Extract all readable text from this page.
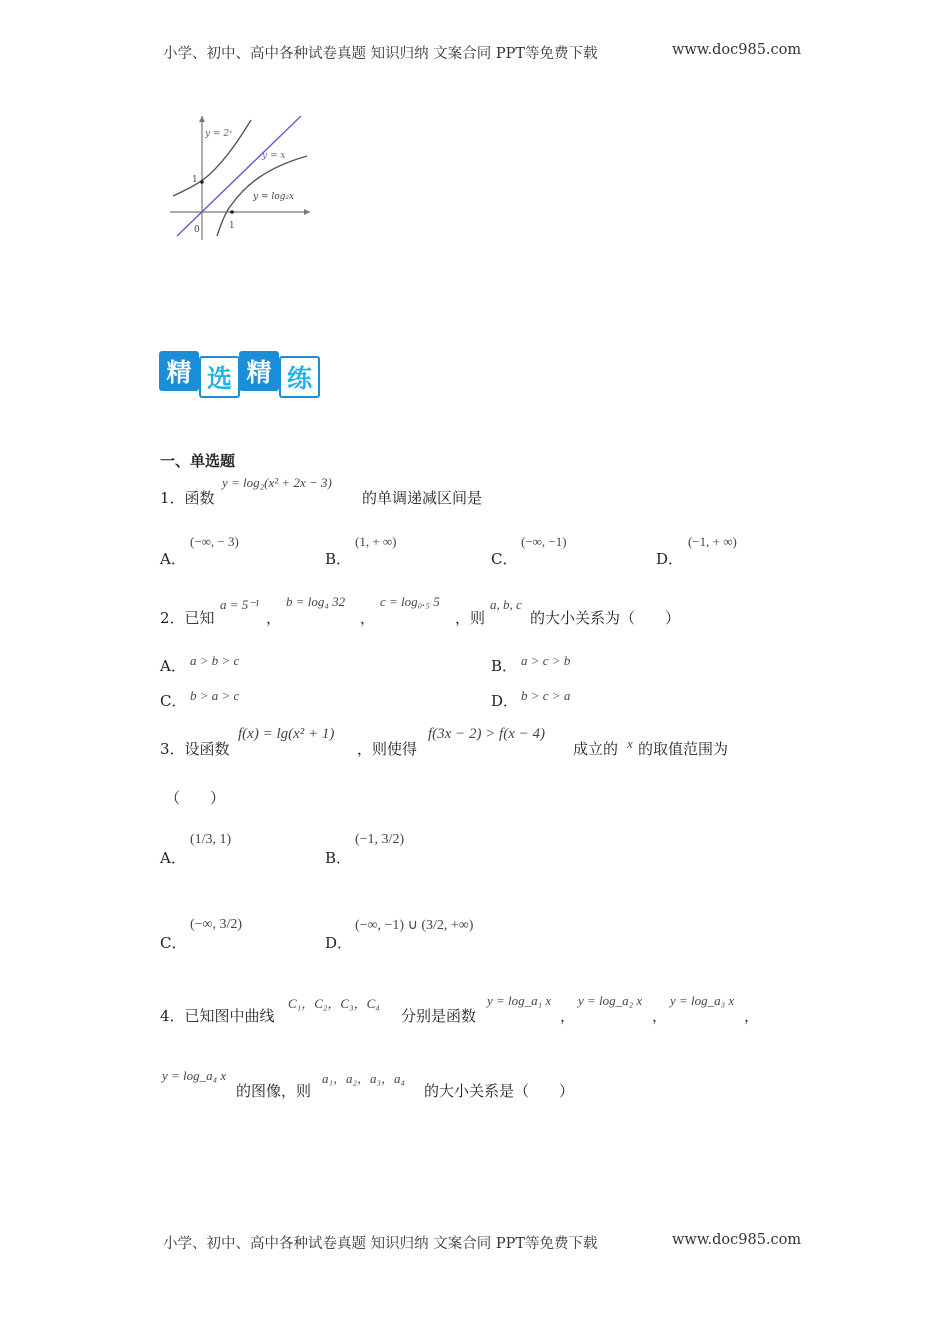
小学、初中、高中各种试卷真题 知识归纳 文案合同 PPT等免费下载	www.doc985.com
y = 2ˣ
y = x
y = log₂x
1
1
0
精 选 精 练
一、单选题
1．函数
y = log₂(x² + 2x − 3)
的单调递减区间是
A．
(−∞, − 3)
B．
(1, + ∞)
C．
(−∞, −1)
D．
(−1, + ∞)
2．已知
a = 5⁻¹
，
b = log₄ 32
，
c = log₀.₅ 5
，则
a, b, c
的大小关系为（　　）
A． a > b > c	B． a > c > b
C． b > a > c	D． b > c > a
3．设函数
f(x) = lg(x² + 1)
，则使得
f(3x − 2) > f(x − 4)
成立的 x 的取值范围为
（　　）
A．
(1/3, 1)
B．
(−1, 3/2)
C．
(−∞, 3/2)
D．
(−∞, −1) ∪ (3/2, +∞)
4．已知图中曲线
C₁，C₂，C₃，C₄
分别是函数
y = log_a₁ x
，
y = log_a₂ x
，
y = log_a₃ x
，
y = log_a₄ x
的图像，则
a₁，a₂，a₃，a₄
的大小关系是（　　）
小学、初中、高中各种试卷真题 知识归纳 文案合同 PPT等免费下载	www.doc985.com
